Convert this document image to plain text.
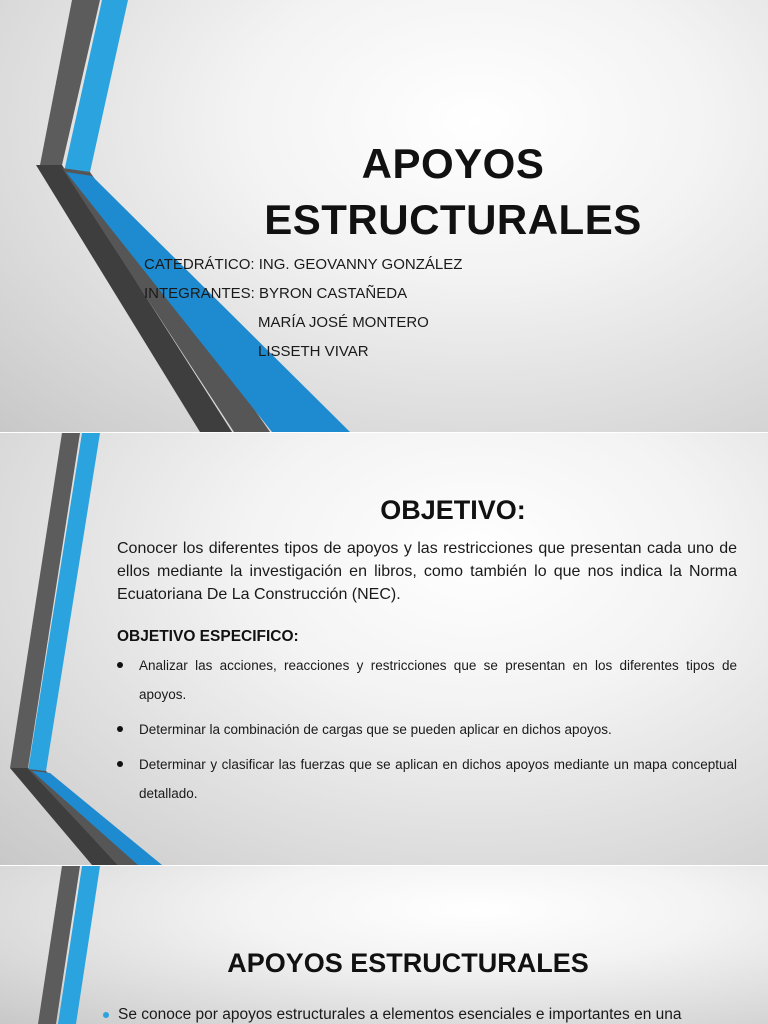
APOYOS
ESTRUCTURALES

CATEDRÁTICO: ING. GEOVANNY GONZÁLEZ

INTEGRANTES: BYRON CASTAÑEDA

MARÍA JOSÉ MONTERO

LISSETH VIVAR

OBJETIVO:

Conocer los diferentes tipos de apoyos y las restricciones que presentan cada uno de ellos mediante la investigación en libros, como también lo que nos indica la Norma Ecuatoriana De La Construcción (NEC).

OBJETIVO ESPECIFICO:

Analizar las acciones, reacciones y restricciones que se presentan en los diferentes tipos de apoyos.
Determinar la combinación de cargas que se pueden aplicar en dichos apoyos.
Determinar y clasificar las fuerzas que se aplican en dichos apoyos mediante un mapa conceptual detallado.
APOYOS ESTRUCTURALES

Se conoce por apoyos estructurales a elementos esenciales e importantes en una
